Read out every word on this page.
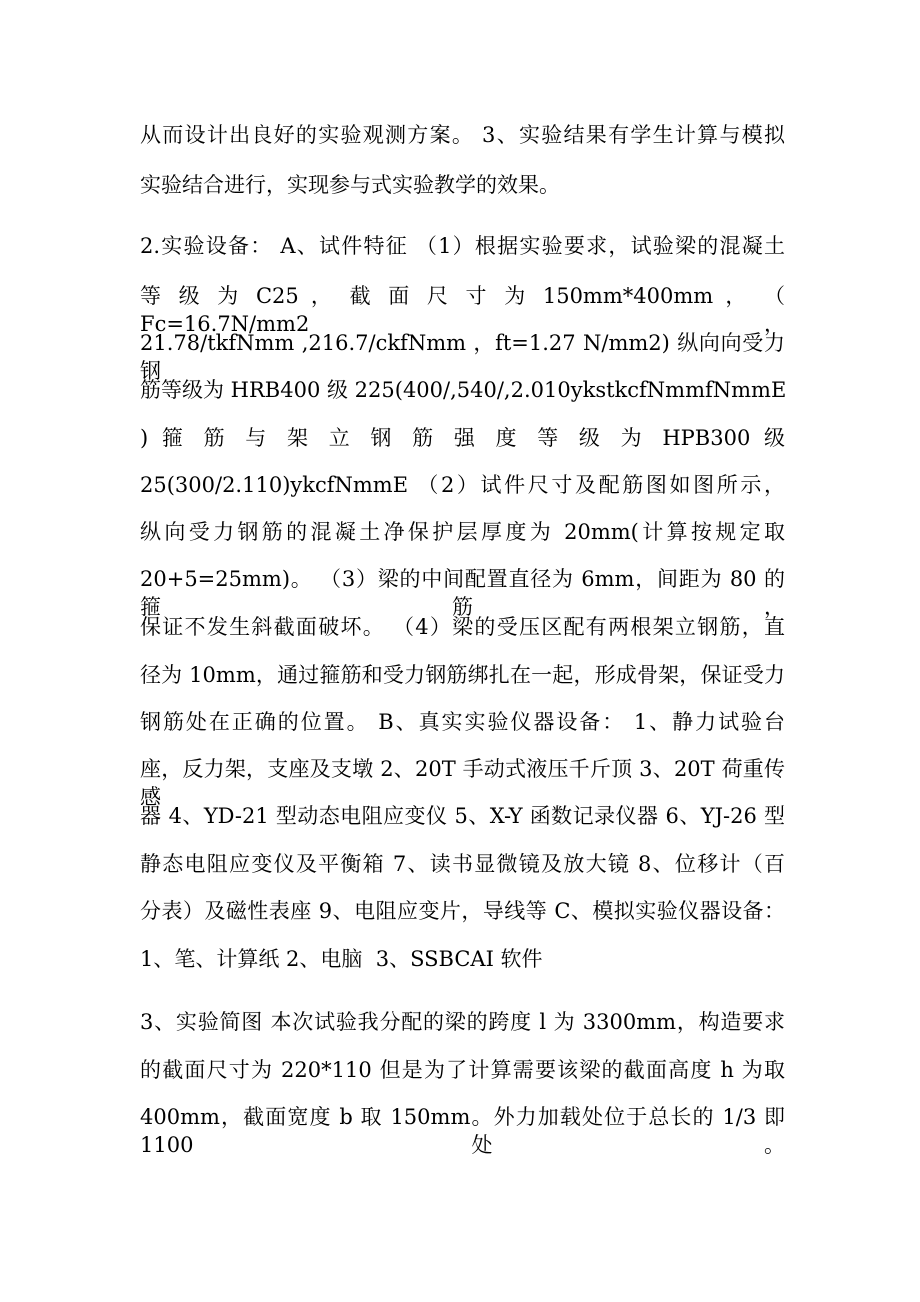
从而设计出良好的实验观测方案。 3、实验结果有学生计算与模拟

实验结合进行，实现参与式实验教学的效果。

2.实验设备： A、试件特征 （1）根据实验要求，试验梁的混凝土

等 级 为 C25 ， 截 面 尺 寸 为 150mm*400mm ， （ Fc=16.7N/mm2 ，

21.78/tkfNmm ,216.7/ckfNmm ，ft=1.27 N/mm2) 纵向向受力钢

筋等级为 HRB400 级 225(400/,540/,2.010ykstkcfNmmfNmmE

) 箍 筋 与 架 立 钢 筋 强 度 等 级 为 HPB300 级

25(300/2.110)ykcfNmmE （2）试件尺寸及配筋图如图所示，

纵向受力钢筋的混凝土净保护层厚度为 20mm(计算按规定取

20+5=25mm)。 （3）梁的中间配置直径为 6mm，间距为 80 的箍筋，

保证不发生斜截面破坏。 （4）梁的受压区配有两根架立钢筋，直

径为 10mm，通过箍筋和受力钢筋绑扎在一起，形成骨架，保证受力

钢筋处在正确的位置。 B、真实实验仪器设备： 1、静力试验台

座，反力架，支座及支墩 2、20T 手动式液压千斤顶 3、20T 荷重传感

器 4、YD-21 型动态电阻应变仪 5、X-Y 函数记录仪器 6、YJ-26 型

静态电阻应变仪及平衡箱 7、读书显微镜及放大镜 8、位移计（百

分表）及磁性表座 9、电阻应变片，导线等 C、模拟实验仪器设备：

1、笔、计算纸 2、电脑  3、SSBCAI 软件

3、实验简图 本次试验我分配的梁的跨度 l 为 3300mm，构造要求

的截面尺寸为 220*110 但是为了计算需要该梁的截面高度 h 为取

400mm，截面宽度 b 取 150mm。外力加载处位于总长的 1/3 即 1100 处。
